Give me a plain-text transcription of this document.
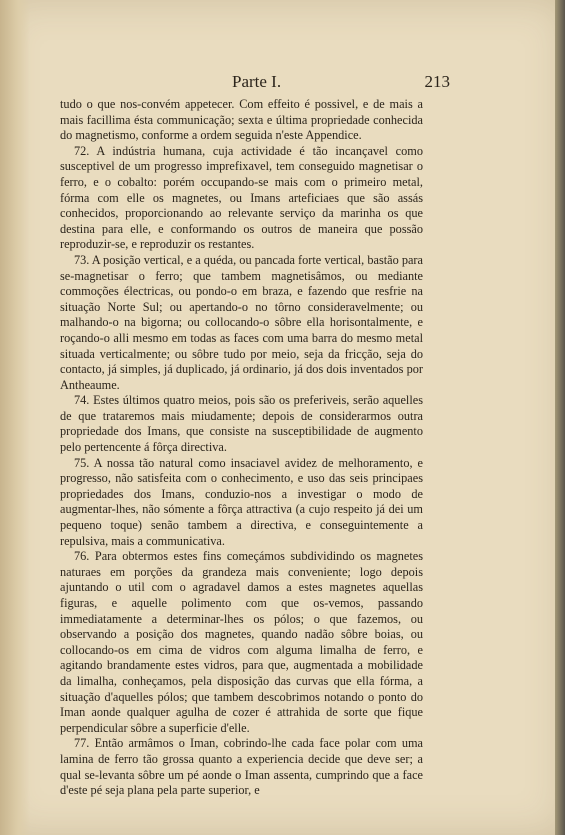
Parte I.	213

tudo o que nos-convém appetecer. Com effeito é possivel, e de mais a mais facillima ésta communicação; sexta e última propriedade conhecida do magnetismo, conforme a ordem seguida n'este Appendice.

72. A indústria humana, cuja actividade é tão incançavel como susceptivel de um progresso imprefixavel, tem conseguido magnetisar o ferro, e o cobalto: porém occupando-se mais com o primeiro metal, fórma com elle os magnetes, ou Imans arteficiaes que são assás conhecidos, proporcionando ao relevante serviço da marinha os que destina para elle, e conformando os outros de maneira que possão reproduzir-se, e reproduzir os restantes.

73. A posição vertical, e a quéda, ou pancada forte vertical, bastão para se-magnetisar o ferro; que tambem magnetisâmos, ou mediante commoções électricas, ou pondo-o em braza, e fazendo que resfrie na situação Norte Sul; ou apertando-o no tôrno consideravelmente; ou malhando-o na bigorna; ou collocando-o sôbre ella horisontalmente, e roçando-o alli mesmo em todas as faces com uma barra do mesmo metal situada verticalmente; ou sôbre tudo por meio, seja da fricção, seja do contacto, já simples, já duplicado, já ordinario, já dos dois inventados por Antheaume.

74. Estes últimos quatro meios, pois são os preferiveis, serão aquelles de que trataremos mais miudamente; depois de considerarmos outra propriedade dos Imans, que consiste na susceptibilidade de augmento pelo pertencente á fôrça directiva.

75. A nossa tão natural como insaciavel avidez de melhoramento, e progresso, não satisfeita com o conhecimento, e uso das seis principaes propriedades dos Imans, conduzio-nos a investigar o modo de augmentar-lhes, não sómente a fôrça attractiva (a cujo respeito já dei um pequeno toque) senão tambem a directiva, e conseguintemente a repulsiva, mais a communicativa.

76. Para obtermos estes fins começámos subdividindo os magnetes naturaes em porções da grandeza mais conveniente; logo depois ajuntando o util com o agradavel damos a estes magnetes aquellas figuras, e aquelle polimento com que os-vemos, passando immediatamente a determinar-lhes os pólos; o que fazemos, ou observando a posição dos magnetes, quando nadão sôbre boias, ou collocando-os em cima de vidros com alguma limalha de ferro, e agitando brandamente estes vidros, para que, augmentada a mobilidade da limalha, conheçamos, pela disposição das curvas que ella fórma, a situação d'aquelles pólos; que tambem descobrimos notando o ponto do Iman aonde qualquer agulha de cozer é attrahida de sorte que fique perpendicular sôbre a superficie d'elle.

77. Então armâmos o Iman, cobrindo-lhe cada face polar com uma lamina de ferro tão grossa quanto a experiencia decide que deve ser; a qual se-levanta sôbre um pé aonde o Iman assenta, cumprindo que a face d'este pé seja plana pela parte superior, e
